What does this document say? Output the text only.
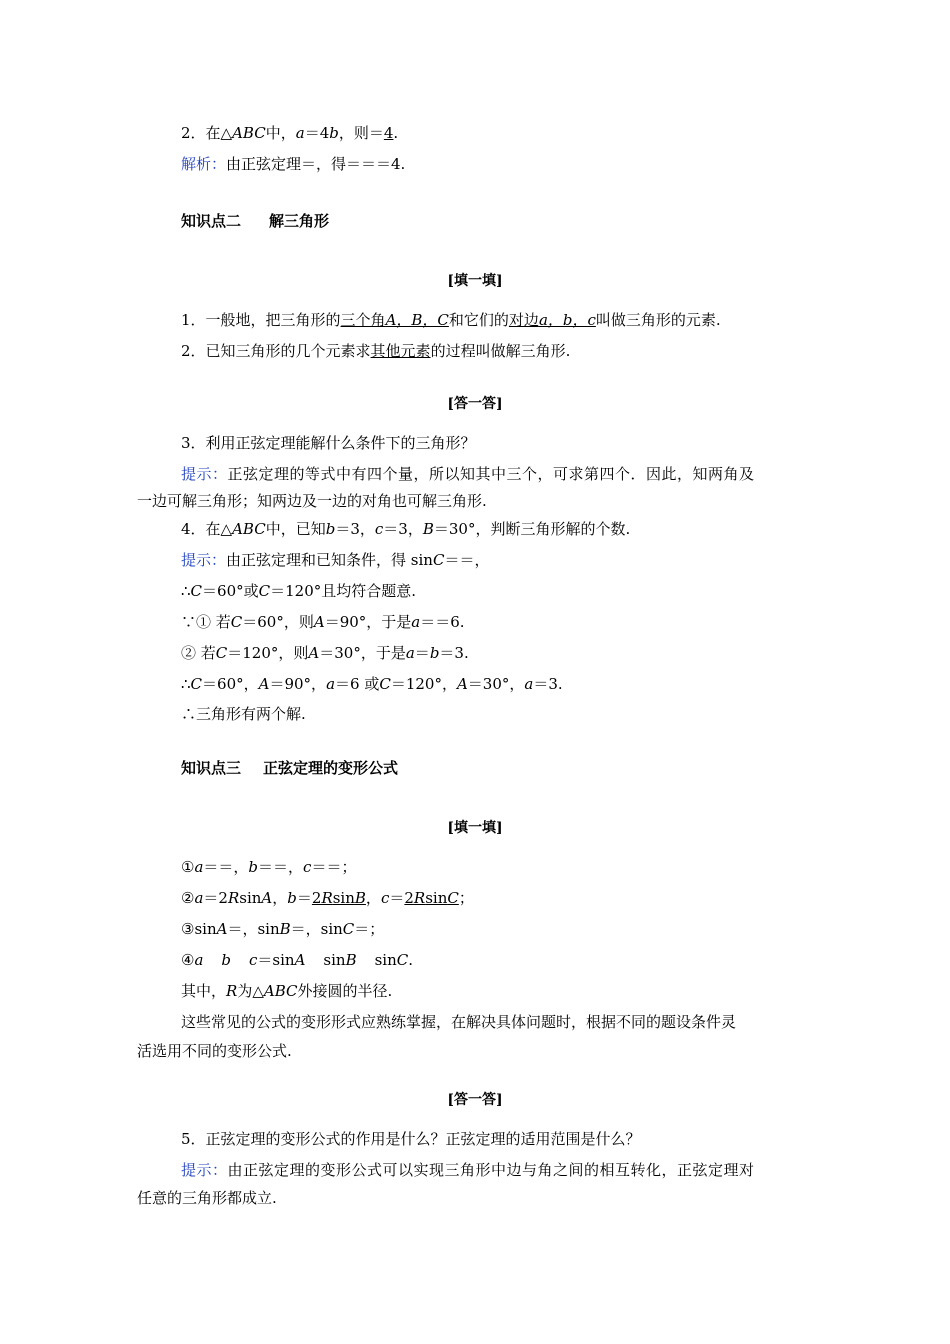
2．在△ABC中，a＝4b，则＝4.
解析：由正弦定理＝，得＝＝＝4.
知识点二 解三角形
[填一填]
1．一般地，把三角形的三个角A，B，C和它们的对边a，b，c叫做三角形的元素.
2．已知三角形的几个元素求其他元素的过程叫做解三角形.
[答一答]
3．利用正弦定理能解什么条件下的三角形？
提示：正弦定理的等式中有四个量，所以知其中三个，可求第四个．因此，知两角及
一边可解三角形；知两边及一边的对角也可解三角形.
4．在△ABC中，已知b＝3，c＝3，B＝30°，判断三角形解的个数.
提示：由正弦定理和已知条件，得 sinC＝＝，
∴C＝60°或C＝120°且均符合题意.
∵① 若C＝60°，则A＝90°，于是a＝＝6.
② 若C＝120°，则A＝30°，于是a＝b＝3.
∴C＝60°，A＝90°，a＝6 或C＝120°，A＝30°，a＝3.
∴三角形有两个解.
知识点三 正弦定理的变形公式
[填一填]
①a＝＝，b＝＝，c＝＝；
②a＝2RsinA，b＝2RsinB，c＝2RsinC；
③sinA＝，sinB＝，sinC＝；
④a b c＝sinA sinB sinC.
其中，R为△ABC外接圆的半径.
这些常见的公式的变形形式应熟练掌握，在解决具体问题时，根据不同的题设条件灵
活选用不同的变形公式.
[答一答]
5．正弦定理的变形公式的作用是什么？正弦定理的适用范围是什么？
提示：由正弦定理的变形公式可以实现三角形中边与角之间的相互转化，正弦定理对
任意的三角形都成立.
